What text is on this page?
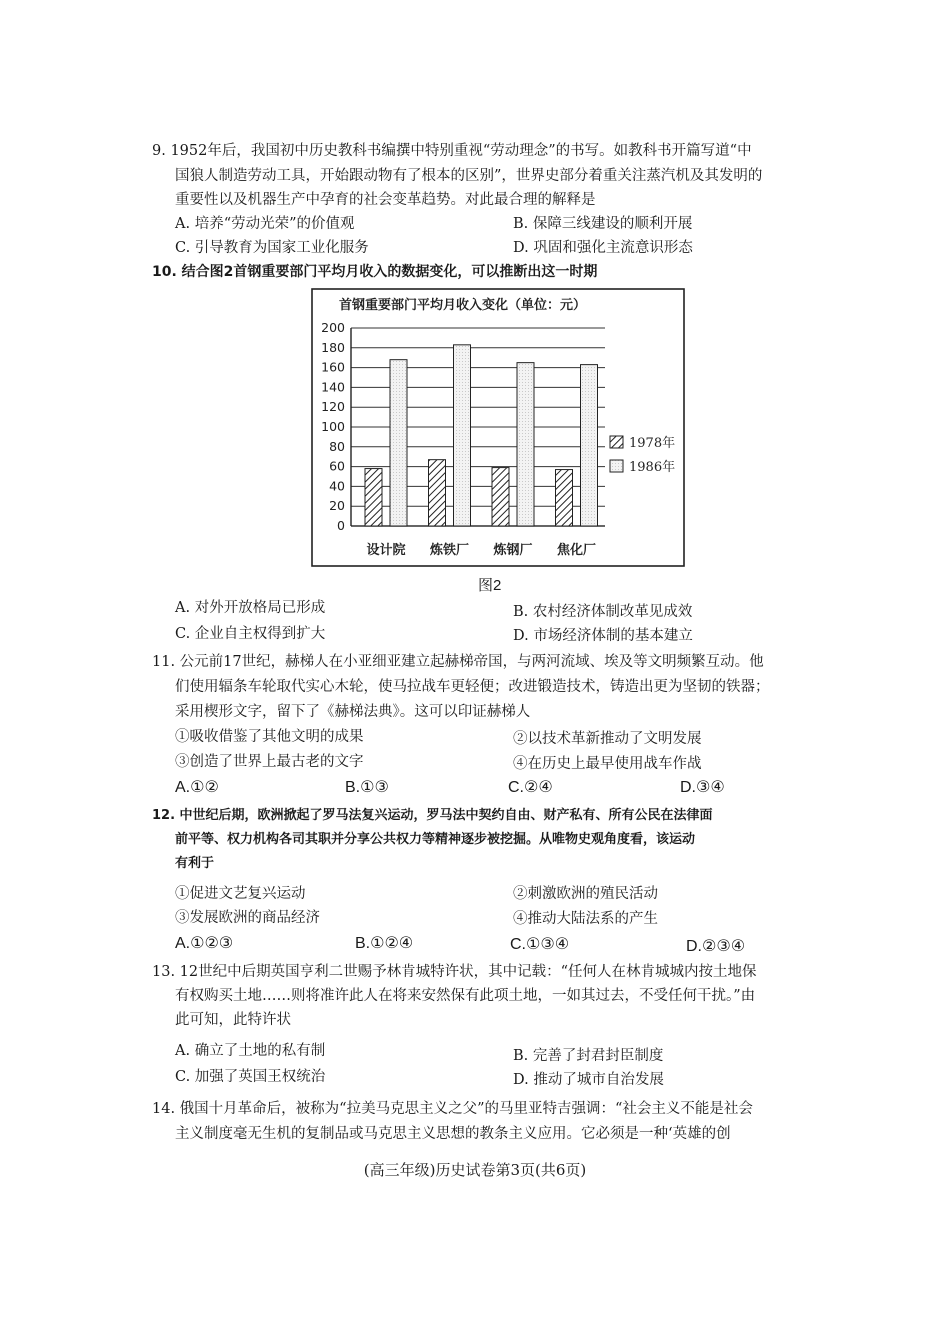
9. 1952年后，我国初中历史教科书编撰中特别重视“劳动理念”的书写。如教科书开篇写道“中
国狼人制造劳动工具，开始跟动物有了根本的区别”，世界史部分着重关注蒸汽机及其发明的
重要性以及机器生产中孕育的社会变革趋势。对此最合理的解释是
A. 培养“劳动光荣”的价值观	B. 保障三线建设的顺利开展
C. 引导教育为国家工业化服务	D. 巩固和强化主流意识形态
10. 结合图2首钢重要部门平均月收入的数据变化，可以推断出这一时期
首钢重要部门平均月收入变化（单位：元）
0
20
40
60
80
100
120
140
160
180
200
设计院 炼铁厂 炼钢厂 焦化厂
1978年
1986年
图2
A. 对外开放格局已形成	B. 农村经济体制改革见成效
C. 企业自主权得到扩大	D. 市场经济体制的基本建立
11. 公元前17世纪，赫梯人在小亚细亚建立起赫梯帝国，与两河流域、埃及等文明频繁互动。他
们使用辐条车轮取代实心木轮，使马拉战车更轻便；改进锻造技术，铸造出更为坚韧的铁器；
采用楔形文字，留下了《赫梯法典》。这可以印证赫梯人
①吸收借鉴了其他文明的成果	②以技术革新推动了文明发展
③创造了世界上最古老的文字	④在历史上最早使用战车作战
A.①②	B.①③	C.②④	D.③④
12. 中世纪后期，欧洲掀起了罗马法复兴运动，罗马法中契约自由、财产私有、所有公民在法律面
前平等、权力机构各司其职并分享公共权力等精神逐步被挖掘。从唯物史观角度看，该运动
有利于
①促进文艺复兴运动	②刺激欧洲的殖民活动
③发展欧洲的商品经济	④推动大陆法系的产生
A.①②③	B.①②④	C.①③④	D.②③④
13. 12世纪中后期英国亨利二世赐予林肯城特许状，其中记载：“任何人在林肯城城内按土地保
有权购买土地……则将准许此人在将来安然保有此项土地，一如其过去，不受任何干扰。”由
此可知，此特许状
A. 确立了土地的私有制	B. 完善了封君封臣制度
C. 加强了英国王权统治	D. 推动了城市自治发展
14. 俄国十月革命后，被称为“拉美马克思主义之父”的马里亚特吉强调：“社会主义不能是社会
主义制度毫无生机的复制品或马克思主义思想的教条主义应用。它必须是一种‘英雄的创
(高三年级)历史试卷第3页(共6页)
